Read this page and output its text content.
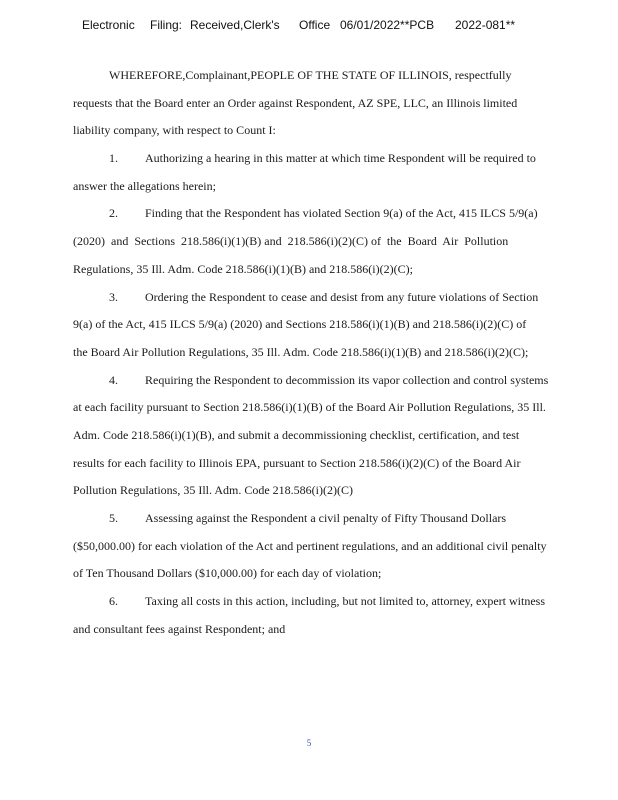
Electronic Filing: Received,Clerk's Office 06/01/2022**PCB 2022-081**
WHEREFORE,Complainant,PEOPLE OF THE STATE OF ILLINOIS, respectfully
requests that the Board enter an Order against Respondent, AZ SPE, LLC, an Illinois limited
liability company, with respect to Count I:
1. Authorizing a hearing in this matter at which time Respondent will be required to
answer the allegations herein;
2. Finding that the Respondent has violated Section 9(a) of the Act, 415 ILCS 5/9(a)
(2020)  and  Sections  218.586(i)(1)(B) and  218.586(i)(2)(C) of  the  Board  Air  Pollution
Regulations, 35 Ill. Adm. Code 218.586(i)(1)(B) and 218.586(i)(2)(C);
3. Ordering the Respondent to cease and desist from any future violations of Section
9(a) of the Act, 415 ILCS 5/9(a) (2020) and Sections 218.586(i)(1)(B) and 218.586(i)(2)(C) of
the Board Air Pollution Regulations, 35 Ill. Adm. Code 218.586(i)(1)(B) and 218.586(i)(2)(C);
4. Requiring the Respondent to decommission its vapor collection and control systems
at each facility pursuant to Section 218.586(i)(1)(B) of the Board Air Pollution Regulations, 35 Ill.
Adm. Code 218.586(i)(1)(B), and submit a decommissioning checklist, certification, and test
results for each facility to Illinois EPA, pursuant to Section 218.586(i)(2)(C) of the Board Air
Pollution Regulations, 35 Ill. Adm. Code 218.586(i)(2)(C)
5. Assessing against the Respondent a civil penalty of Fifty Thousand Dollars
($50,000.00) for each violation of the Act and pertinent regulations, and an additional civil penalty
of Ten Thousand Dollars ($10,000.00) for each day of violation;
6. Taxing all costs in this action, including, but not limited to, attorney, expert witness
and consultant fees against Respondent; and
5
